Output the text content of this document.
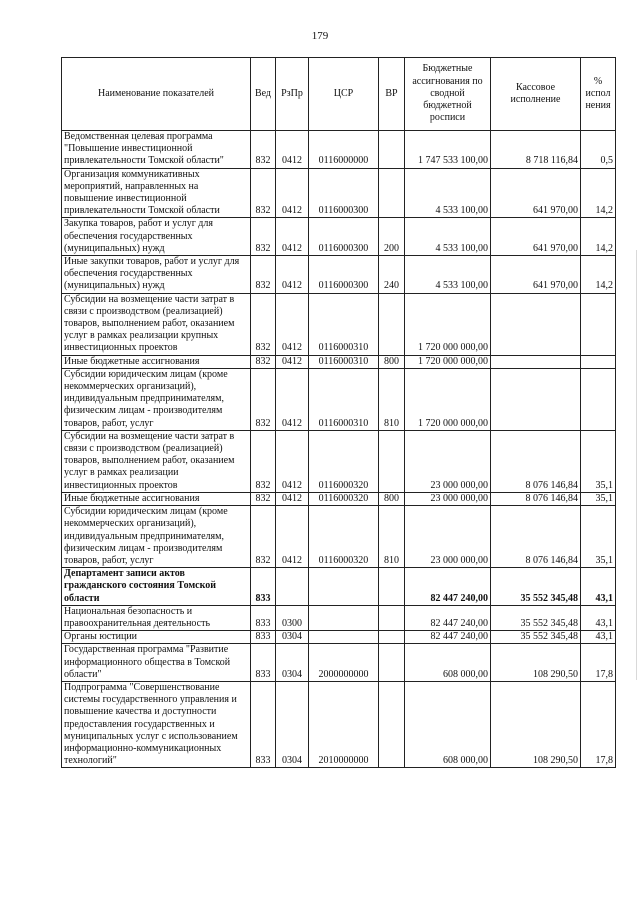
179
Наименование показателей	Вед	РзПр	ЦСР	ВР	Бюджетные ассигнования по сводной бюджетной росписи	Кассовое исполнение	% испол нения
Ведомственная целевая программа "Повышение инвестиционной привлекательности Томской области"	832	0412	0116000000		1 747 533 100,00	8 718 116,84	0,5
Организация коммуникативных мероприятий, направленных на повышение инвестиционной привлекательности Томской области	832	0412	0116000300		4 533 100,00	641 970,00	14,2
Закупка товаров, работ и услуг для обеспечения государственных (муниципальных) нужд	832	0412	0116000300	200	4 533 100,00	641 970,00	14,2
Иные закупки товаров, работ и услуг для обеспечения государственных (муниципальных) нужд	832	0412	0116000300	240	4 533 100,00	641 970,00	14,2
Субсидии на возмещение части затрат в связи с производством (реализацией) товаров, выполнением работ, оказанием услуг в рамках реализации крупных инвестиционных проектов	832	0412	0116000310		1 720 000 000,00		
Иные бюджетные ассигнования	832	0412	0116000310	800	1 720 000 000,00		
Субсидии юридическим лицам (кроме некоммерческих организаций), индивидуальным предпринимателям, физическим лицам - производителям товаров, работ, услуг	832	0412	0116000310	810	1 720 000 000,00		
Субсидии на возмещение части затрат в связи с производством (реализацией) товаров, выполнением работ, оказанием услуг в рамках реализации инвестиционных проектов	832	0412	0116000320		23 000 000,00	8 076 146,84	35,1
Иные бюджетные ассигнования	832	0412	0116000320	800	23 000 000,00	8 076 146,84	35,1
Субсидии юридическим лицам (кроме некоммерческих организаций), индивидуальным предпринимателям, физическим лицам - производителям товаров, работ, услуг	832	0412	0116000320	810	23 000 000,00	8 076 146,84	35,1
Департамент записи актов гражданского состояния Томской области	833				82 447 240,00	35 552 345,48	43,1
Национальная безопасность и правоохранительная деятельность	833	0300			82 447 240,00	35 552 345,48	43,1
Органы юстиции	833	0304			82 447 240,00	35 552 345,48	43,1
Государственная программа "Развитие информационного общества в Томской области"	833	0304	2000000000		608 000,00	108 290,50	17,8
Подпрограмма "Совершенствование системы государственного управления и повышение качества и доступности предоставления государственных и муниципальных услуг с использованием информационно-коммуникационных технологий"	833	0304	2010000000		608 000,00	108 290,50	17,8
